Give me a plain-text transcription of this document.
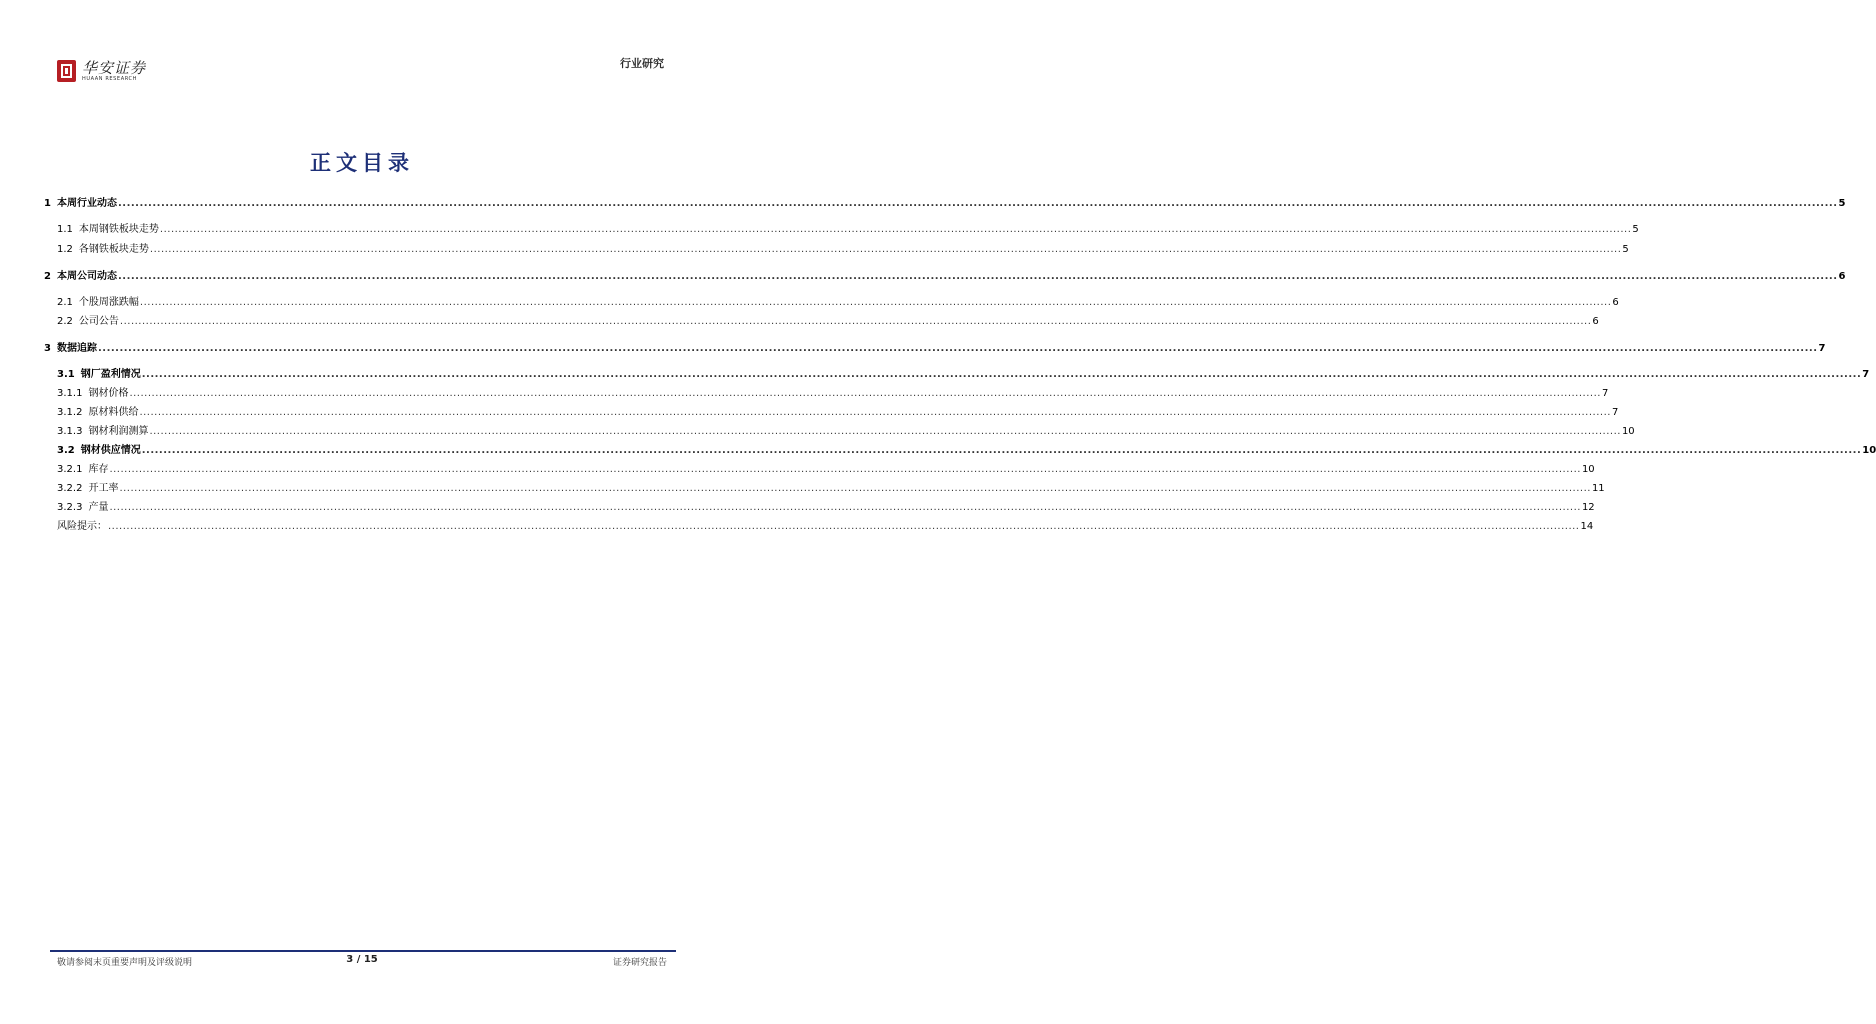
华安证券
HUAAN RESEARCH
行业研究
正文目录
1 本周行业动态 ................................................................................................................................................................................................................................................................................................................................................................................................................ 5
1.1 本周钢铁板块走势 ................................................................................................................................................................................................................................................................................................................................................................................................................ 5
1.2 各钢铁板块走势 ................................................................................................................................................................................................................................................................................................................................................................................................................ 5
2 本周公司动态 ................................................................................................................................................................................................................................................................................................................................................................................................................ 6
2.1 个股周涨跌幅 ................................................................................................................................................................................................................................................................................................................................................................................................................ 6
2.2 公司公告 ................................................................................................................................................................................................................................................................................................................................................................................................................ 6
3 数据追踪 ................................................................................................................................................................................................................................................................................................................................................................................................................ 7
3.1 钢厂盈利情况 ................................................................................................................................................................................................................................................................................................................................................................................................................ 7
3.1.1 钢材价格 ................................................................................................................................................................................................................................................................................................................................................................................................................ 7
3.1.2 原材料供给 ................................................................................................................................................................................................................................................................................................................................................................................................................ 7
3.1.3 钢材利润测算 ................................................................................................................................................................................................................................................................................................................................................................................................................ 10
3.2 钢材供应情况 ................................................................................................................................................................................................................................................................................................................................................................................................................ 10
3.2.1 库存 ................................................................................................................................................................................................................................................................................................................................................................................................................ 10
3.2.2 开工率 ................................................................................................................................................................................................................................................................................................................................................................................................................ 11
3.2.3 产量 ................................................................................................................................................................................................................................................................................................................................................................................................................ 12
风险提示： ................................................................................................................................................................................................................................................................................................................................................................................................................ 14
敬请参阅末页重要声明及评级说明	3 / 15	证券研究报告
